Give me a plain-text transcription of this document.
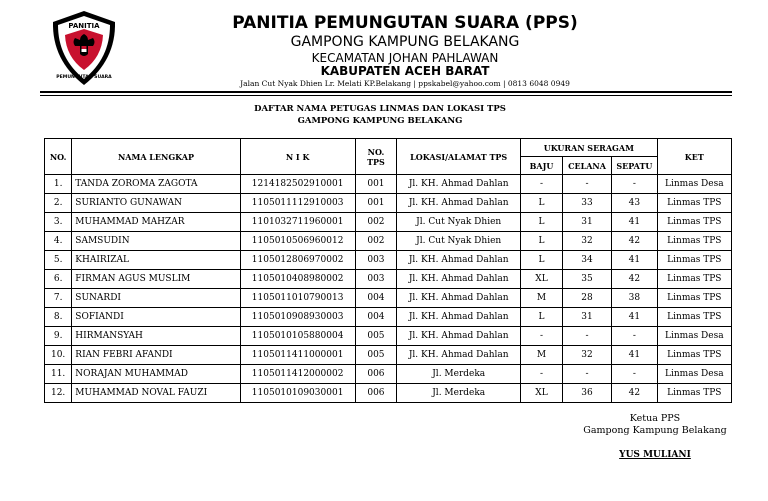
PANITIA
PEMUNGUTAN SUARA
PANITIA PEMUNGUTAN SUARA (PPS)
GAMPONG KAMPUNG BELAKANG
KECAMATAN JOHAN PAHLAWAN
KABUPATEN ACEH BARAT
Jalan Cut Nyak Dhien Lr. Melati KP.Belakang | ppskabel@yahoo.com | 0813 6048 0949
DAFTAR NAMA PETUGAS LINMAS DAN LOKASI TPS
GAMPONG KAMPUNG BELAKANG
NO.	NAMA LENGKAP	N I K	NO. TPS	LOKASI/ALAMAT TPS	UKURAN SERAGAM			KET
					BAJU	CELANA	SEPATU	
1.	TANDA ZOROMA ZAGOTA	1214182502910001	001	Jl. KH. Ahmad Dahlan	-	-	-	Linmas Desa
2.	SURIANTO GUNAWAN	1105011112910003	001	Jl. KH. Ahmad Dahlan	L	33	43	Linmas TPS
3.	MUHAMMAD MAHZAR	1101032711960001	002	Jl. Cut Nyak Dhien	L	31	41	Linmas TPS
4.	SAMSUDIN	1105010506960012	002	Jl. Cut Nyak Dhien	L	32	42	Linmas TPS
5.	KHAIRIZAL	1105012806970002	003	Jl. KH. Ahmad Dahlan	L	34	41	Linmas TPS
6.	FIRMAN AGUS MUSLIM	1105010408980002	003	Jl. KH. Ahmad Dahlan	XL	35	42	Linmas TPS
7.	SUNARDI	1105011010790013	004	Jl. KH. Ahmad Dahlan	M	28	38	Linmas TPS
8.	SOFIANDI	1105010908930003	004	Jl. KH. Ahmad Dahlan	L	31	41	Linmas TPS
9.	HIRMANSYAH	1105010105880004	005	Jl. KH. Ahmad Dahlan	-	-	-	Linmas Desa
10.	RIAN FEBRI AFANDI	1105011411000001	005	Jl. KH. Ahmad Dahlan	M	32	41	Linmas TPS
11.	NORAJAN MUHAMMAD	1105011412000002	006	Jl. Merdeka	-	-	-	Linmas Desa
12.	MUHAMMAD NOVAL FAUZI	1105010109030001	006	Jl. Merdeka	XL	36	42	Linmas TPS
Ketua PPS
Gampong Kampung Belakang
YUS MULIANI
